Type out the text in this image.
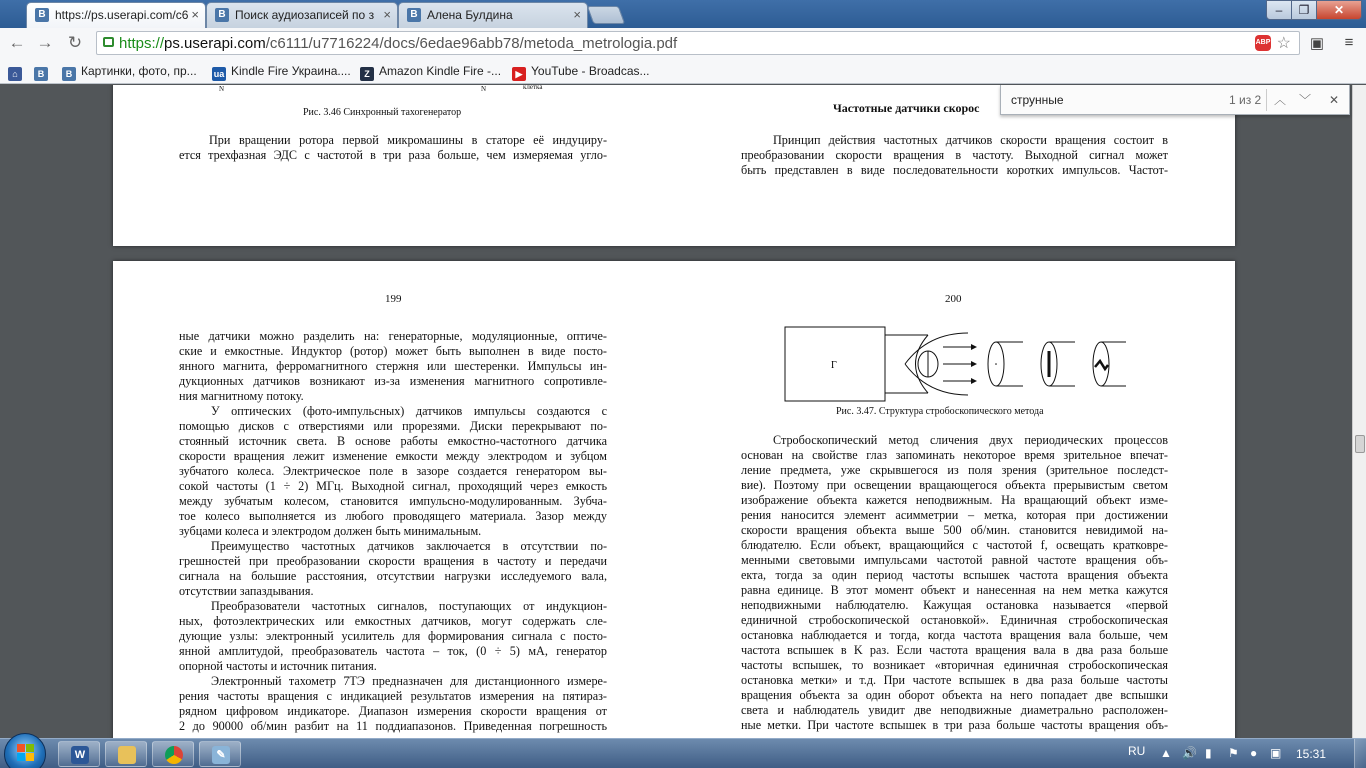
B https://ps.userapi.com/c6 ×	B Поиск аудиозаписей по з ×	B Алена Булдина	×	–	❐	✕
← → ↻ https://ps.userapi.com/c6111/u7716224/docs/6edae96abb78/metoda_metrologia.pdf	ABP ☆ ▣	≡
⌂	B	B Картинки, фото, пр... ua Kindle Fire Украина....	Z Amazon Kindle Fire -...	▶ YouTube - Broadcas...
N	N	клетка
Рис. 3.46 Синхронный тахогенератор	Частотные датчики скорос
При вращении ротора первой микромашины в статоре её индуциру-
ется трехфазная ЭДС с частотой в три раза больше, чем измеряемая угло-
Принцип действия частотных датчиков скорости вращения состоит в
преобразовании скорости вращения в частоту. Выходной сигнал может
быть представлен в виде последовательности коротких импульсов. Частот-
199	200
ные датчики можно разделить на: генераторные, модуляционные, оптиче-
ские и емкостные. Индуктор (ротор) может быть выполнен в виде посто-
янного магнита, ферромагнитного стержня или шестеренки. Импульсы ин-
дукционных датчиков возникают из-за изменения магнитного сопротивле-
ния магнитному потоку.
У оптических (фото-импульсных) датчиков импульсы создаются с
помощью дисков с отверстиями или прорезями. Диски перекрывают по-
стоянный источник света. В основе работы емкостно-частотного датчика
скорости вращения лежит изменение емкости между электродом и зубцом
зубчатого колеса. Электрическое поле в зазоре создается генератором вы-
сокой частоты (1 ÷ 2) МГц. Выходной сигнал, проходящий через емкость
между зубчатым колесом, становится импульсно-модулированным. Зубча-
тое колесо выполняется из любого проводящего материала. Зазор между
зубцами колеса и электродом должен быть минимальным.
Преимущество частотных датчиков заключается в отсутствии по-
грешностей при преобразовании скорости вращения в частоту и передачи
сигнала на большие расстояния, отсутствии нагрузки исследуемого вала,
отсутствии запаздывания.
Преобразователи частотных сигналов, поступающих от индукцион-
ных, фотоэлектрических или емкостных датчиков, могут содержать сле-
дующие узлы: электронный усилитель для формирования сигнала с посто-
янной амплитудой, преобразователь частота – ток, (0 ÷ 5) мА, генератор
опорной частоты и источник питания.
Электронный тахометр 7ТЭ предназначен для дистанционного измере-
рения частоты вращения с индикацией результатов измерения на пятираз-
рядном цифровом индикаторе. Диапазон измерения скорости вращения от
2 до 90000 об/мин разбит на 11 поддиапазонов. Приведенная погрешность
Г
Рис. 3.47. Структура стробоскопического метода
Стробоскопический метод сличения двух периодических процессов
основан на свойстве глаз запоминать некоторое время зрительное впечат-
ление предмета, уже скрывшегося из поля зрения (зрительное последст-
вие). Поэтому при освещении вращающегося объекта прерывистым светом
изображение объекта кажется неподвижным. На вращающий объект изме-
рения наносится элемент асимметрии – метка, которая при достижении
скорости вращения объекта выше 500 об/мин. становится невидимой на-
блюдателю. Если объект, вращающийся с частотой f, освещать кратковре-
менными световыми импульсами частотой равной частоте вращения объ-
екта, тогда за один период частоты вспышек частота вращения объекта
равна единице. В этот момент объект и нанесенная на нем метка кажутся
неподвижными наблюдателю. Кажущая остановка называется «первой
единичной стробоскопической остановкой». Единичная стробоскопическая
остановка наблюдается и тогда, когда частота вращения вала больше, чем
частота вспышек в K раз. Если частота вращения вала в два раза больше
частоты вспышек, то возникает «вторичная единичная стробоскопическая
остановка метки» и т.д. При частоте вспышек в два раза больше частоты
вращения объекта за один оборот объекта на него попадает две вспышки
света и наблюдатель увидит две неподвижные диаметрально расположен-
ные метки. При частоте вспышек в три раза больше частоты вращения объ-
струнные
1 из 2	︿	﹀	✕
W	✎	RU ▲ 🔊 ▮ ⚑ ● ▣ 15:31
